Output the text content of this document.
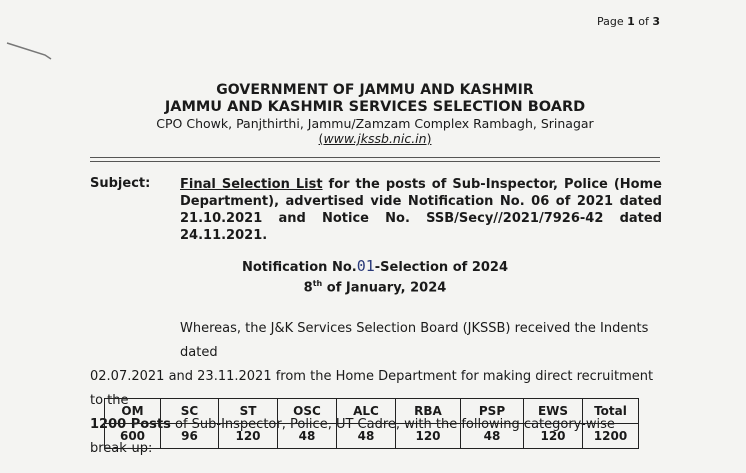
Page 1 of 3
GOVERNMENT OF JAMMU AND KASHMIR
JAMMU AND KASHMIR SERVICES SELECTION BOARD
CPO Chowk, Panjthirthi, Jammu/Zamzam Complex Rambagh, Srinagar
(www.jkssb.nic.in)
Subject: Final Selection List for the posts of Sub-Inspector, Police (Home Department), advertised vide Notification No. 06 of 2021 dated 21.10.2021 and Notice No. SSB/Secy//2021/7926-42 dated 24.11.2021.
Notification No.01-Selection of 2024
8th of January, 2024
Whereas, the J&K Services Selection Board (JKSSB) received the Indents dated
02.07.2021 and 23.11.2021 from the Home Department for making direct recruitment to the
1200 Posts of Sub-Inspector, Police, UT Cadre, with the following category-wise break-up:
OM	SC	ST	OSC	ALC	RBA	PSP	EWS	Total
600	96	120	48	48	120	48	120	1200
